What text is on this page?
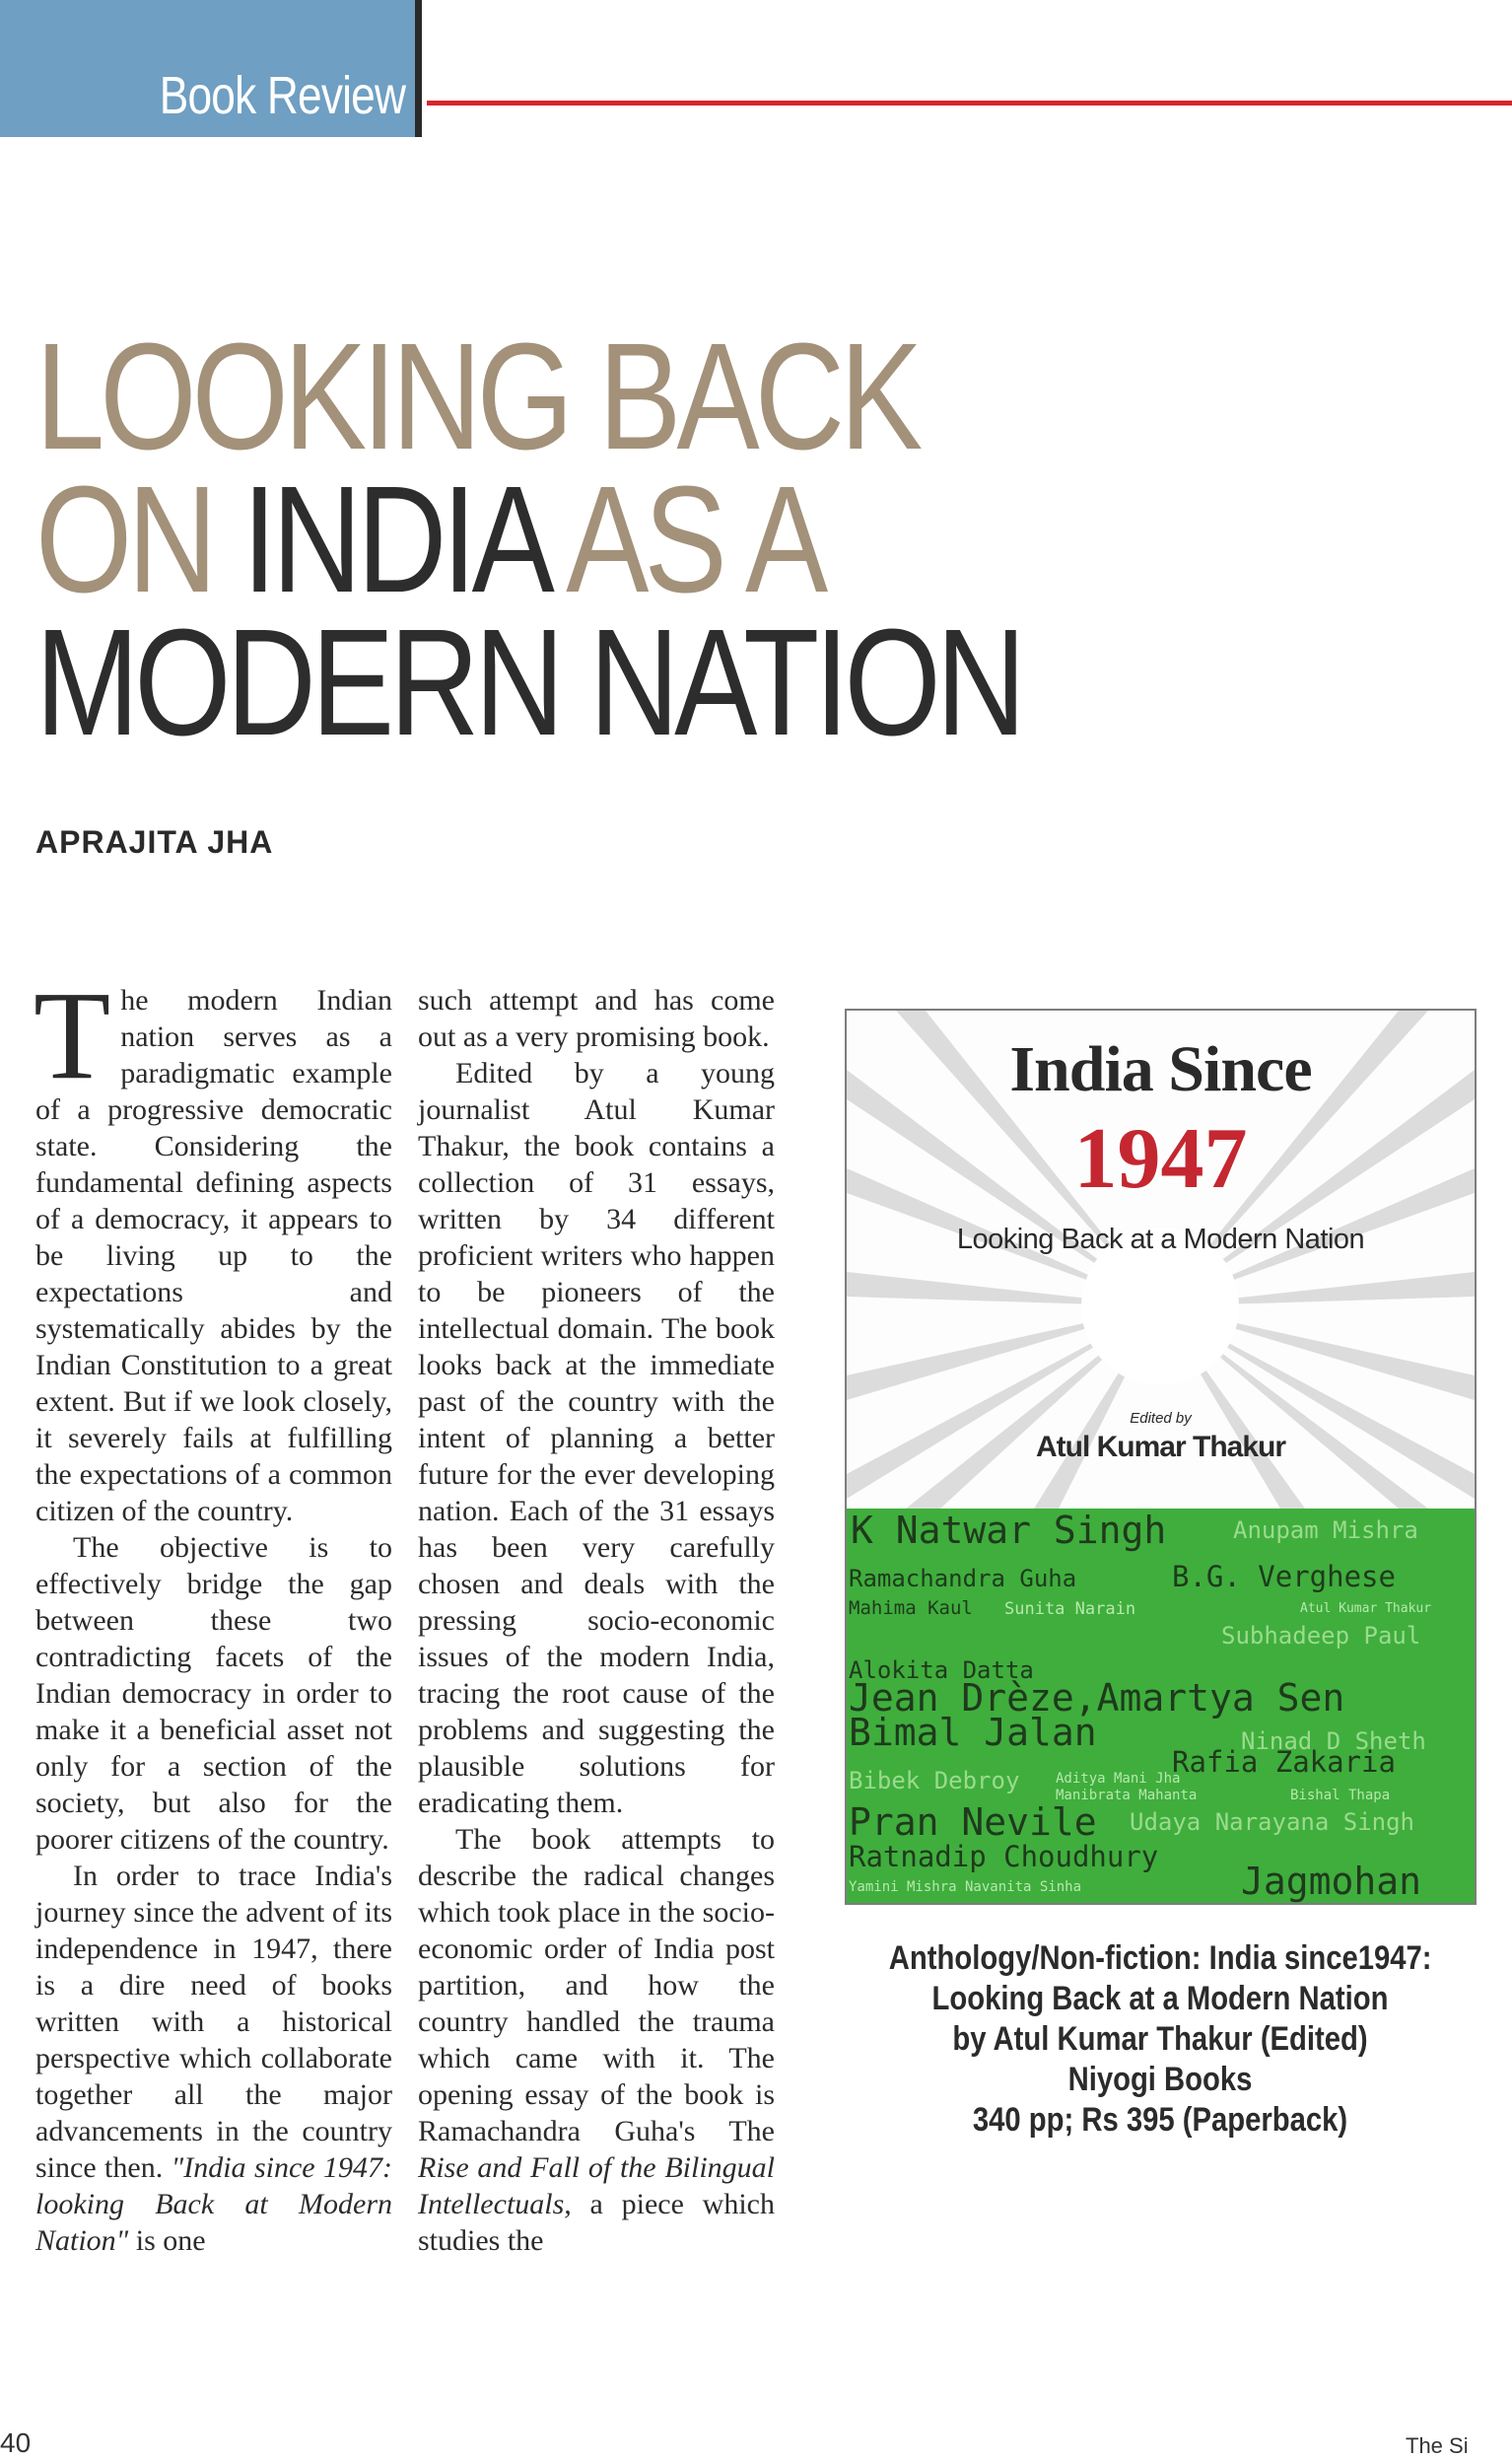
Book Review
LOOKING BACK
ON INDIA AS A
MODERN NATION
APRAJITA JHA

The modern Indian nation serves as a paradigmatic example of a progressive democratic state. Considering the fundamental defining aspects of a democracy, it appears to be living up to the expectations and systematically abides by the Indian Constitution to a great extent. But if we look closely, it severely fails at fulfilling the expectations of a common citizen of the country.

The objective is to effectively bridge the gap between these two contradicting facets of the Indian democracy in order to make it a beneficial asset not only for a section of the society, but also for the poorer citizens of the country.

In order to trace India's journey since the advent of its independence in 1947, there is a dire need of books written with a historical perspective which collaborate together all the major advancements in the country since then. "India since 1947: looking Back at Modern Nation" is one

such attempt and has come out as a very promising book.

Edited by a young journalist Atul Kumar Thakur, the book contains a collection of 31 essays, written by 34 different proficient writers who happen to be pioneers of the intellectual domain. The book looks back at the immediate past of the country with the intent of planning a better future for the ever developing nation. Each of the 31 essays has been very carefully chosen and deals with the pressing socio-economic issues of the modern India, tracing the root cause of the problems and suggesting the plausible solutions for eradicating them.

The book attempts to describe the radical changes which took place in the socio-economic order of India post partition, and how the country handled the trauma which came with it. The opening essay of the book is Ramachandra Guha's The Rise and Fall of the Bilingual Intellectuals, a piece which studies the

India Since
1947
Looking Back at a Modern Nation
Edited by
Atul Kumar Thakur
K Natwar Singh	Anupam Mishra
Ramachandra Guha	B.G. Verghese
Mahima Kaul Sunita Narain	Atul Kumar Thakur
Subhadeep Paul
Alokita Datta
Jean Drèze,Amartya Sen
Bimal Jalan	Ninad D Sheth
Rafia Zakaria
Bibek Debroy	Aditya Mani Jha
Manibrata Mahanta	Bishal Thapa
Pran Nevile Udaya Narayana Singh
Ratnadip Choudhury
Yamini Mishra Navanita Sinha	Jagmohan
Anthology/Non-fiction: India since1947:
Looking Back at a Modern Nation
by Atul Kumar Thakur (Edited)
Niyogi Books
340 pp; Rs 395 (Paperback)
40	The Si
